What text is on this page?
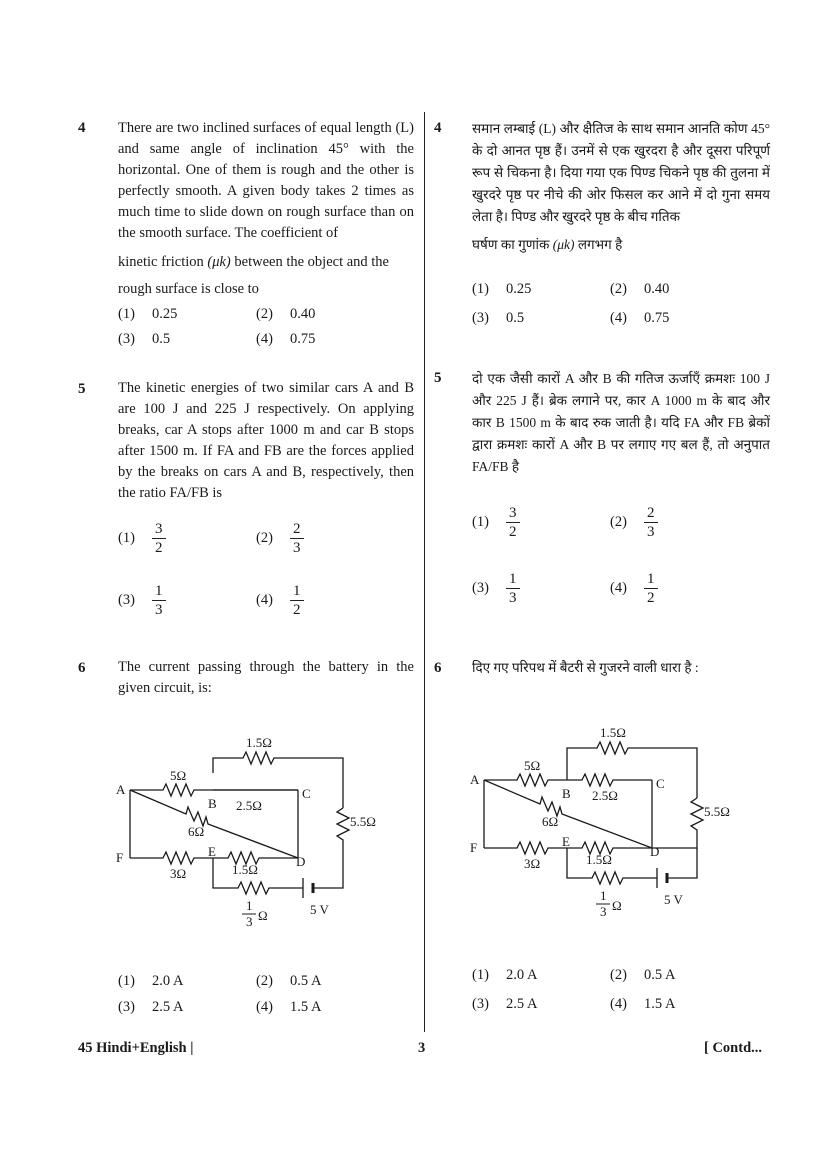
4 There are two inclined surfaces of equal length (L) and same angle of inclination 45° with the horizontal. One of them is rough and the other is perfectly smooth. A given body takes 2 times as much time to slide down on rough surface than on the smooth surface. The coefficient of
kinetic friction (μk) between the object and the
rough surface is close to
(1) 0.25	(2) 0.40
(3) 0.5	(4) 0.75
5 The kinetic energies of two similar cars A and B are 100 J and 225 J respectively. On applying breaks, car A stops after 1000 m and car B stops after 1500 m. If FA and FB are the forces applied by the breaks on cars A and B, respectively, then the ratio FA/FB is
$(1) \frac{3}{2}$	$(2) \frac{2}{3}$
$(3) \frac{1}{3}$	$(4) \frac{1}{2}$
6 The current passing through the battery in the given circuit, is:
A
B
C
D
E
F
1.5Ω
5Ω
2.5Ω
6Ω
5.5Ω
3Ω	1.5Ω
1
3 Ω	5 V
(1) 2.0 A	(2) 0.5 A
(3) 2.5 A	(4) 1.5 A
4 समान लम्बाई (L) और क्षैतिज के साथ समान आनति कोण 45° के दो आनत पृष्ठ हैं। उनमें से एक खुरदरा है और दूसरा परिपूर्ण रूप से चिकना है। दिया गया एक पिण्ड चिकने पृष्ठ की तुलना में खुरदरे पृष्ठ पर नीचे की ओर फिसल कर आने में दो गुना समय लेता है। पिण्ड और खुरदरे पृष्ठ के बीच गतिक
घर्षण का गुणांक (μk) लगभग है
(1) 0.25	(2) 0.40
(3) 0.5	(4) 0.75
5 दो एक जैसी कारों A और B की गतिज ऊर्जाएँ क्रमशः 100 J और 225 J हैं। ब्रेक लगाने पर, कार A 1000 m के बाद और कार B 1500 m के बाद रुक जाती है। यदि FA और FB ब्रेकों द्वारा क्रमशः कारों A और B पर लगाए गए बल हैं, तो अनुपात FA/FB है
$(1) \frac{3}{2}$	$(2) \frac{2}{3}$
$(3) \frac{1}{3}$	$(4) \frac{1}{2}$
6 दिए गए परिपथ में बैटरी से गुजरने वाली धारा है :
A
B
C
D
E
F
1.5Ω
5Ω
2.5Ω
6Ω
5.5Ω
3Ω	1.5Ω
1
3 Ω	5 V
(1) 2.0 A	(2) 0.5 A
(3) 2.5 A	(4) 1.5 A
45 Hindi+English |	3	[ Contd...
